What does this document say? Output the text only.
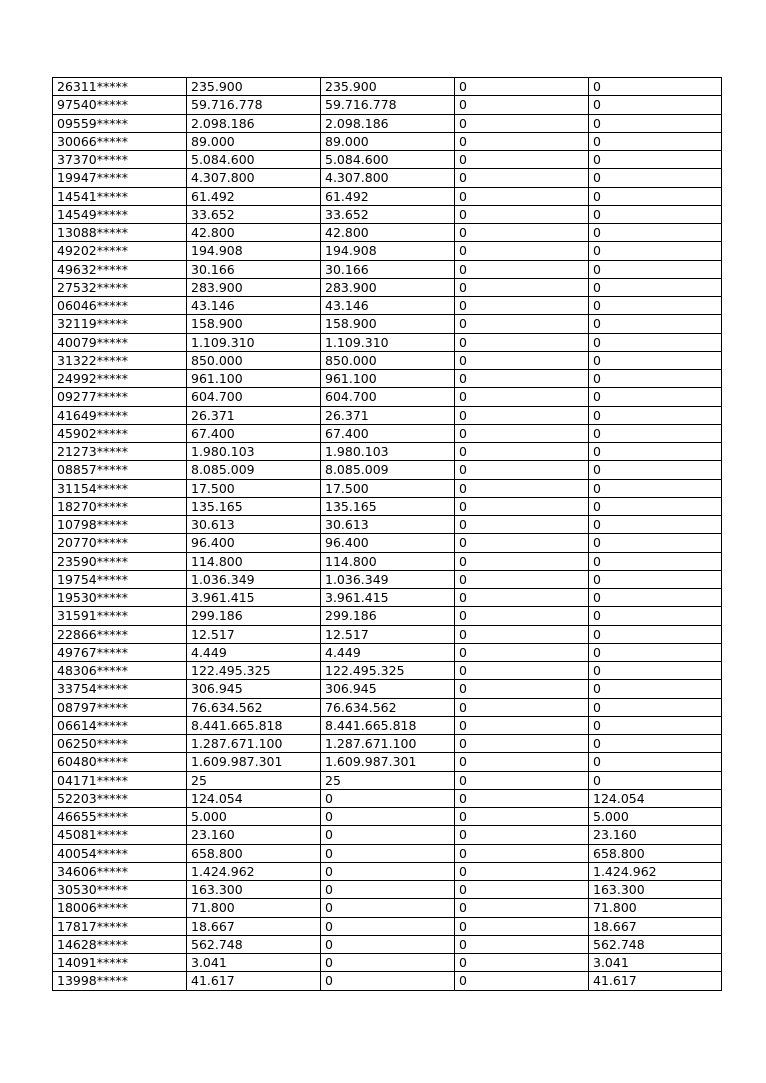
26311*****	235.900	235.900	0	0
97540*****	59.716.778	59.716.778	0	0
09559*****	2.098.186	2.098.186	0	0
30066*****	89.000	89.000	0	0
37370*****	5.084.600	5.084.600	0	0
19947*****	4.307.800	4.307.800	0	0
14541*****	61.492	61.492	0	0
14549*****	33.652	33.652	0	0
13088*****	42.800	42.800	0	0
49202*****	194.908	194.908	0	0
49632*****	30.166	30.166	0	0
27532*****	283.900	283.900	0	0
06046*****	43.146	43.146	0	0
32119*****	158.900	158.900	0	0
40079*****	1.109.310	1.109.310	0	0
31322*****	850.000	850.000	0	0
24992*****	961.100	961.100	0	0
09277*****	604.700	604.700	0	0
41649*****	26.371	26.371	0	0
45902*****	67.400	67.400	0	0
21273*****	1.980.103	1.980.103	0	0
08857*****	8.085.009	8.085.009	0	0
31154*****	17.500	17.500	0	0
18270*****	135.165	135.165	0	0
10798*****	30.613	30.613	0	0
20770*****	96.400	96.400	0	0
23590*****	114.800	114.800	0	0
19754*****	1.036.349	1.036.349	0	0
19530*****	3.961.415	3.961.415	0	0
31591*****	299.186	299.186	0	0
22866*****	12.517	12.517	0	0
49767*****	4.449	4.449	0	0
48306*****	122.495.325	122.495.325	0	0
33754*****	306.945	306.945	0	0
08797*****	76.634.562	76.634.562	0	0
06614*****	8.441.665.818	8.441.665.818	0	0
06250*****	1.287.671.100	1.287.671.100	0	0
60480*****	1.609.987.301	1.609.987.301	0	0
04171*****	25	25	0	0
52203*****	124.054	0	0	124.054
46655*****	5.000	0	0	5.000
45081*****	23.160	0	0	23.160
40054*****	658.800	0	0	658.800
34606*****	1.424.962	0	0	1.424.962
30530*****	163.300	0	0	163.300
18006*****	71.800	0	0	71.800
17817*****	18.667	0	0	18.667
14628*****	562.748	0	0	562.748
14091*****	3.041	0	0	3.041
13998*****	41.617	0	0	41.617
